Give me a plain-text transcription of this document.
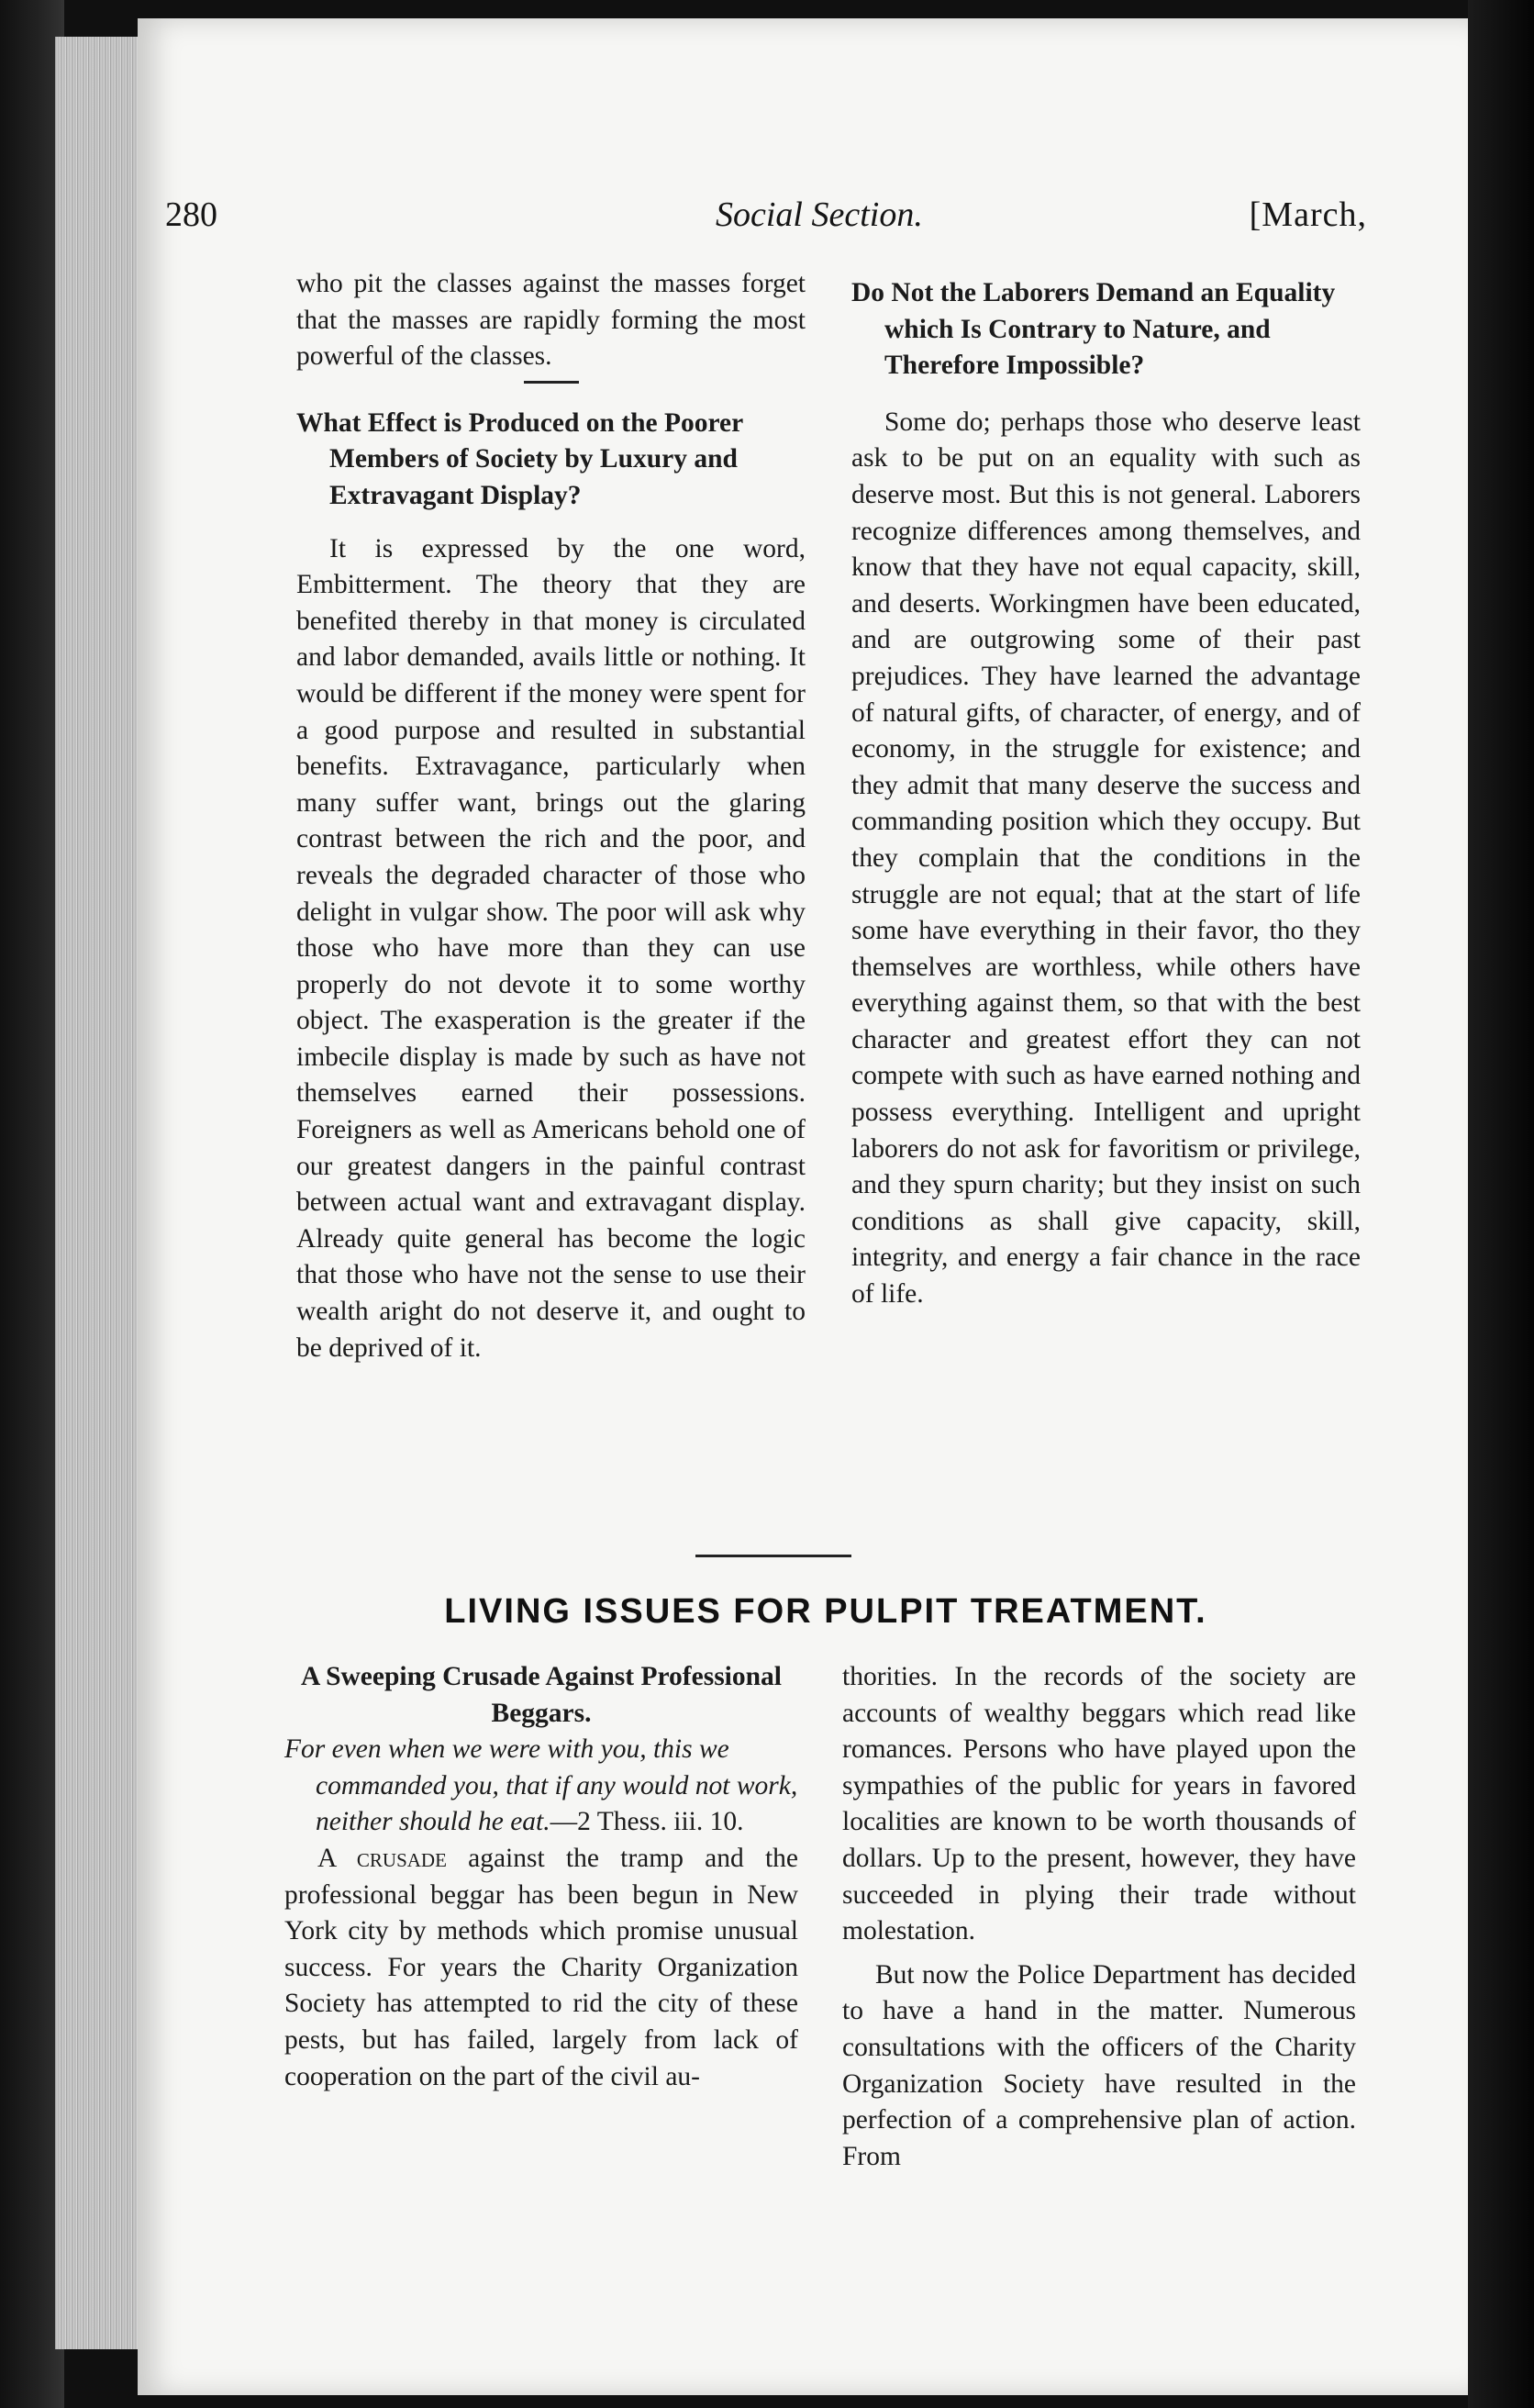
280	Social Section.	[March,

who pit the classes against the masses forget that the masses are rapidly forming the most powerful of the classes.

What Effect is Produced on the Poorer Members of Society by Luxury and Extravagant Display?

It is expressed by the one word, Embitterment. The theory that they are benefited thereby in that money is circulated and labor demanded, avails little or nothing. It would be different if the money were spent for a good purpose and resulted in substantial benefits. Extravagance, particularly when many suffer want, brings out the glaring contrast between the rich and the poor, and reveals the degraded character of those who delight in vulgar show. The poor will ask why those who have more than they can use properly do not devote it to some worthy object. The exasperation is the greater if the imbecile display is made by such as have not themselves earned their possessions. Foreigners as well as Americans behold one of our greatest dangers in the painful contrast between actual want and extravagant display. Already quite general has become the logic that those who have not the sense to use their wealth aright do not deserve it, and ought to be deprived of it.

Do Not the Laborers Demand an Equality which Is Contrary to Nature, and Therefore Impossible?

Some do; perhaps those who deserve least ask to be put on an equality with such as deserve most. But this is not general. Laborers recognize differences among themselves, and know that they have not equal capacity, skill, and deserts. Workingmen have been educated, and are outgrowing some of their past prejudices. They have learned the advantage of natural gifts, of character, of energy, and of economy, in the struggle for existence; and they admit that many deserve the success and commanding position which they occupy. But they complain that the conditions in the struggle are not equal; that at the start of life some have everything in their favor, tho they themselves are worthless, while others have everything against them, so that with the best character and greatest effort they can not compete with such as have earned nothing and possess everything. Intelligent and upright laborers do not ask for favoritism or privilege, and they spurn charity; but they insist on such conditions as shall give capacity, skill, integrity, and energy a fair chance in the race of life.

LIVING ISSUES FOR PULPIT TREATMENT.

A Sweeping Crusade Against Professional Beggars.

For even when we were with you, this we commanded you, that if any would not work, neither should he eat.—2 Thess. iii. 10.

A crusade against the tramp and the professional beggar has been begun in New York city by methods which promise unusual success. For years the Charity Organization Society has attempted to rid the city of these pests, but has failed, largely from lack of cooperation on the part of the civil au-

thorities. In the records of the society are accounts of wealthy beggars which read like romances. Persons who have played upon the sympathies of the public for years in favored localities are known to be worth thousands of dollars. Up to the present, however, they have succeeded in plying their trade without molestation.

But now the Police Department has decided to have a hand in the matter. Numerous consultations with the officers of the Charity Organization Society have resulted in the perfection of a comprehensive plan of action. From
